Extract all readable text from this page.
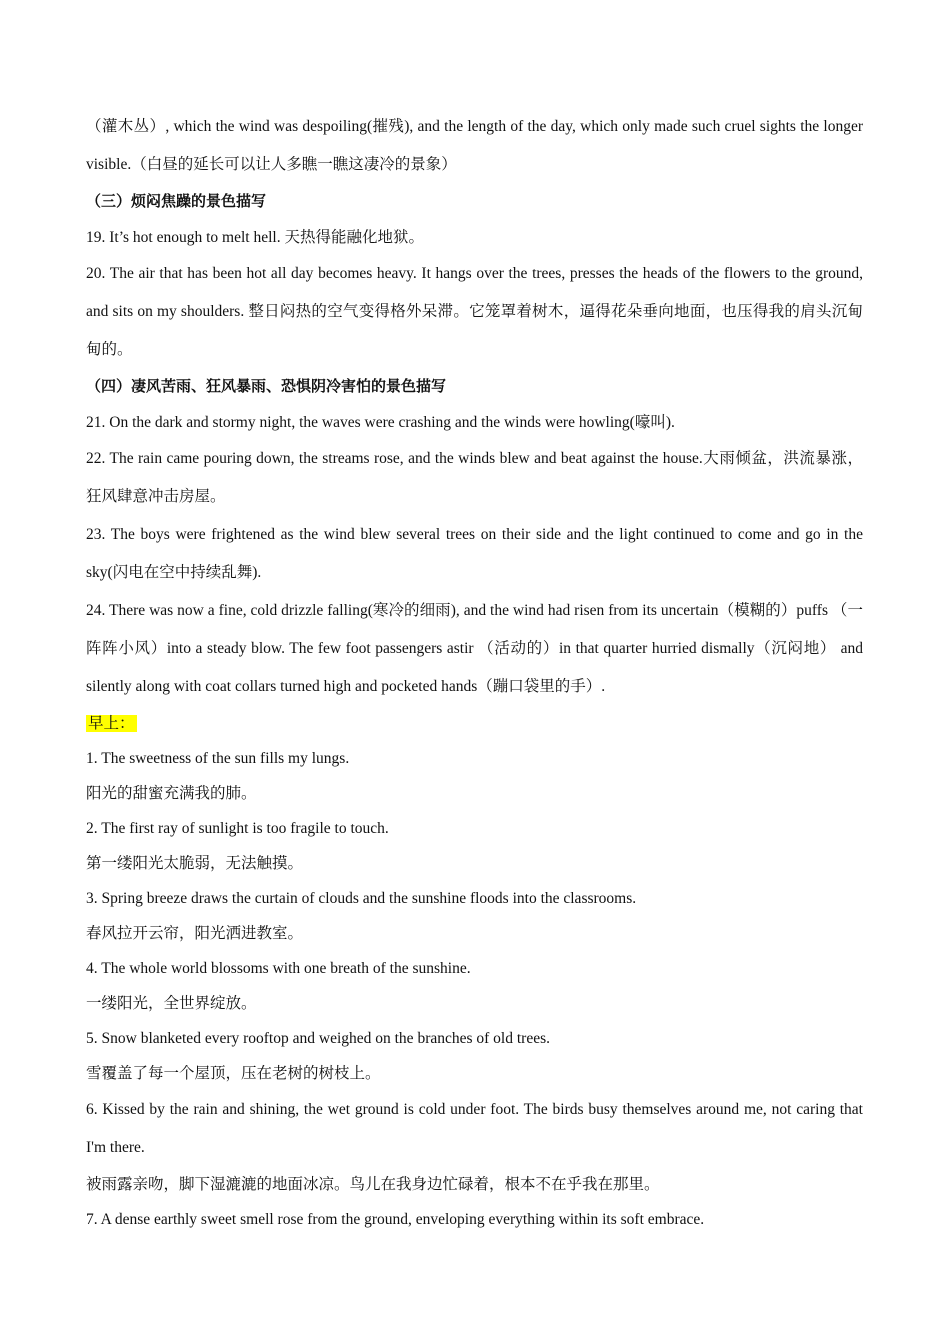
（灌木丛）, which the wind was despoiling(摧残), and the length of the day, which only made such cruel sights the longer visible.（白昼的延长可以让人多瞧一瞧这凄冷的景象）

（三）烦闷焦躁的景色描写

19. It’s hot enough to melt hell. 天热得能融化地狱。

20. The air that has been hot all day becomes heavy. It hangs over the trees, presses the heads of the flowers to the ground, and sits on my shoulders. 整日闷热的空气变得格外呆滞。它笼罩着树木，逼得花朵垂向地面，也压得我的肩头沉甸甸的。

（四）凄风苦雨、狂风暴雨、恐惧阴冷害怕的景色描写

21. On the dark and stormy night, the waves were crashing and the winds were howling(嚎叫).

22. The rain came pouring down, the streams rose, and the winds blew and beat against the house.大雨倾盆，洪流暴涨，狂风肆意冲击房屋。

23. The boys were frightened as the wind blew several trees on their side and the light continued to come and go in the sky(闪电在空中持续乱舞).

24. There was now a fine, cold drizzle falling(寒冷的细雨), and the wind had risen from its uncertain（模糊的）puffs （一阵阵小风）into a steady blow. The few foot passengers astir （活动的）in that quarter hurried dismally（沉闷地） and silently along with coat collars turned high and pocketed hands（蹦口袋里的手）.

早上：

1. The sweetness of the sun fills my lungs.

阳光的甜蜜充满我的肺。

2. The first ray of sunlight is too fragile to touch.

第一缕阳光太脆弱，无法触摸。

3. Spring breeze draws the curtain of clouds and the sunshine floods into the classrooms.

春风拉开云帘，阳光洒进教室。

4. The whole world blossoms with one breath of the sunshine.

一缕阳光，全世界绽放。

5. Snow blanketed every rooftop and weighed on the branches of old trees.

雪覆盖了每一个屋顶，压在老树的树枝上。

6. Kissed by the rain and shining, the wet ground is cold under foot. The birds busy themselves around me, not caring that I'm there.

被雨露亲吻，脚下湿漉漉的地面冰凉。鸟儿在我身边忙碌着，根本不在乎我在那里。

7. A dense earthly sweet smell rose from the ground, enveloping everything within its soft embrace.
